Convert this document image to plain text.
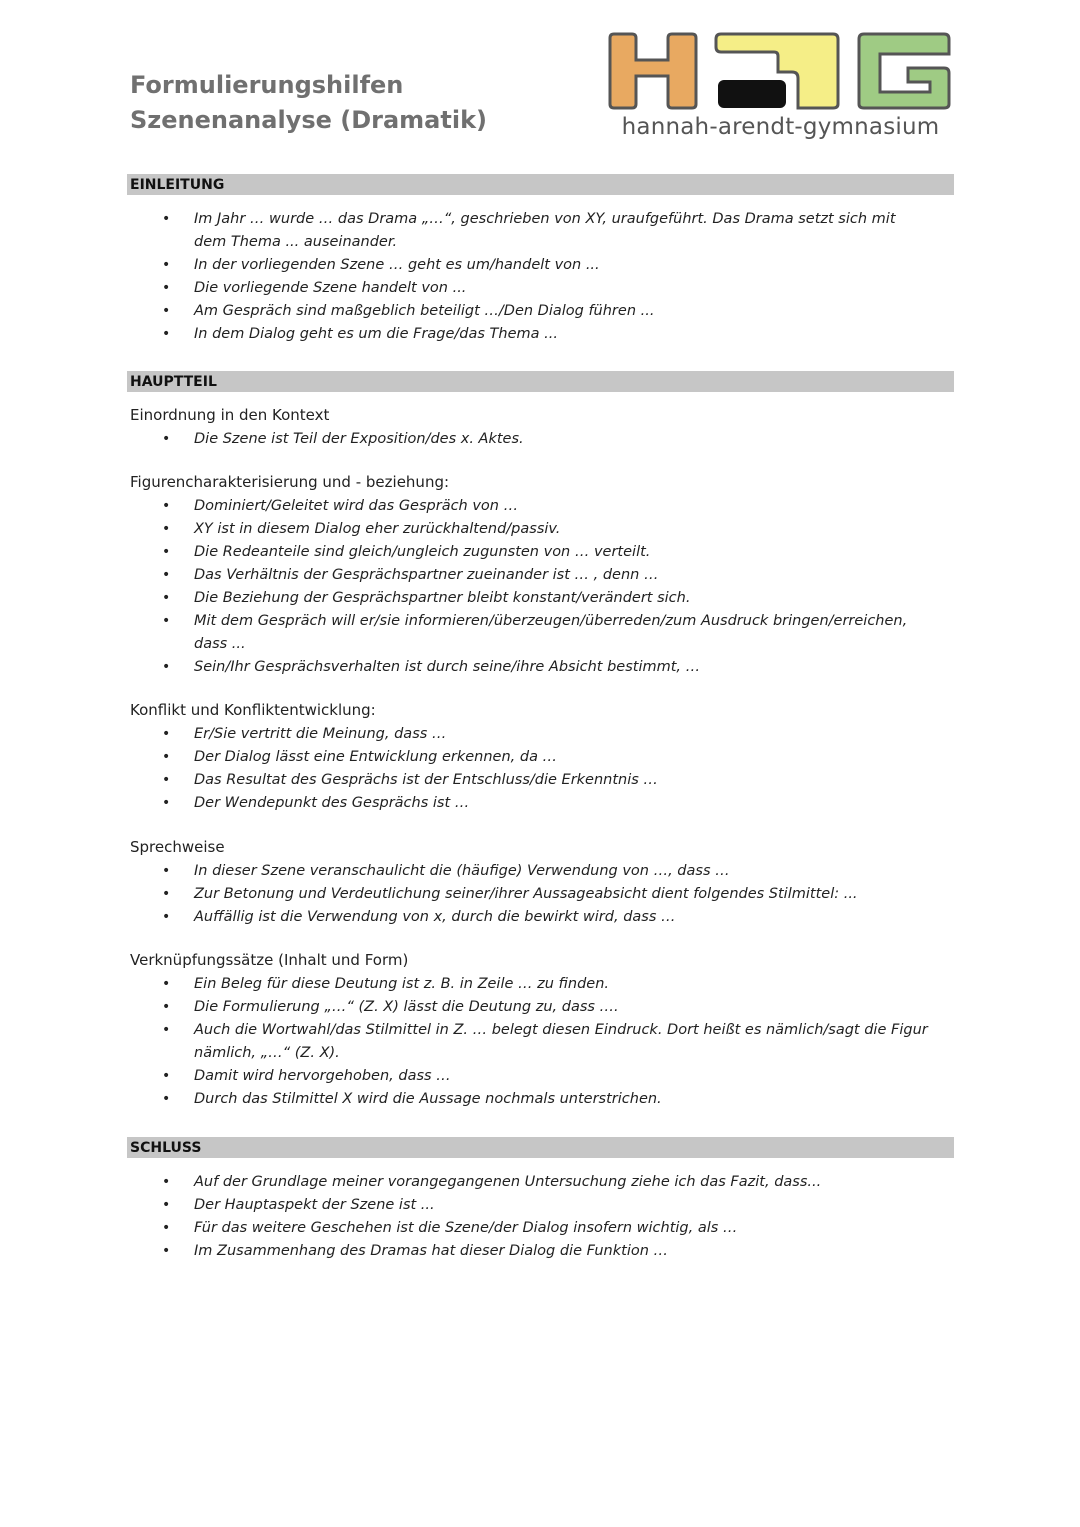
Formulierungshilfen
Szenenanalyse (Dramatik)	hannah-arendt-gymnasium
EINLEITUNG
• Im Jahr … wurde … das Drama „…“, geschrieben von XY, uraufgeführt. Das Drama setzt sich mit dem Thema ... auseinander.
• In der vorliegenden Szene … geht es um/handelt von ...
• Die vorliegende Szene handelt von ...
• Am Gespräch sind maßgeblich beteiligt …/Den Dialog führen ...
• In dem Dialog geht es um die Frage/das Thema ...
HAUPTTEIL
Einordnung in den Kontext
• Die Szene ist Teil der Exposition/des x. Aktes.
Figurencharakterisierung und - beziehung:
• Dominiert/Geleitet wird das Gespräch von …
• XY ist in diesem Dialog eher zurückhaltend/passiv.
• Die Redeanteile sind gleich/ungleich zugunsten von … verteilt.
• Das Verhältnis der Gesprächspartner zueinander ist … , denn …
• Die Beziehung der Gesprächspartner bleibt konstant/verändert sich.
• Mit dem Gespräch will er/sie informieren/überzeugen/überreden/zum Ausdruck bringen/erreichen, dass ...
• Sein/Ihr Gesprächsverhalten ist durch seine/ihre Absicht bestimmt, …
Konflikt und Konfliktentwicklung:
• Er/Sie vertritt die Meinung, dass …
• Der Dialog lässt eine Entwicklung erkennen, da …
• Das Resultat des Gesprächs ist der Entschluss/die Erkenntnis …
• Der Wendepunkt des Gesprächs ist …
Sprechweise
• In dieser Szene veranschaulicht die (häufige) Verwendung von …, dass …
• Zur Betonung und Verdeutlichung seiner/ihrer Aussageabsicht dient folgendes Stilmittel: ...
• Auffällig ist die Verwendung von x, durch die bewirkt wird, dass …
Verknüpfungssätze (Inhalt und Form)
• Ein Beleg für diese Deutung ist z. B. in Zeile … zu finden.
• Die Formulierung „…“ (Z. X) lässt die Deutung zu, dass ….
• Auch die Wortwahl/das Stilmittel in Z. … belegt diesen Eindruck. Dort heißt es nämlich/sagt die Figur nämlich, „…“ (Z. X).
• Damit wird hervorgehoben, dass …
• Durch das Stilmittel X wird die Aussage nochmals unterstrichen.
SCHLUSS
• Auf der Grundlage meiner vorangegangenen Untersuchung ziehe ich das Fazit, dass...
• Der Hauptaspekt der Szene ist ...
• Für das weitere Geschehen ist die Szene/der Dialog insofern wichtig, als …
• Im Zusammenhang des Dramas hat dieser Dialog die Funktion …
